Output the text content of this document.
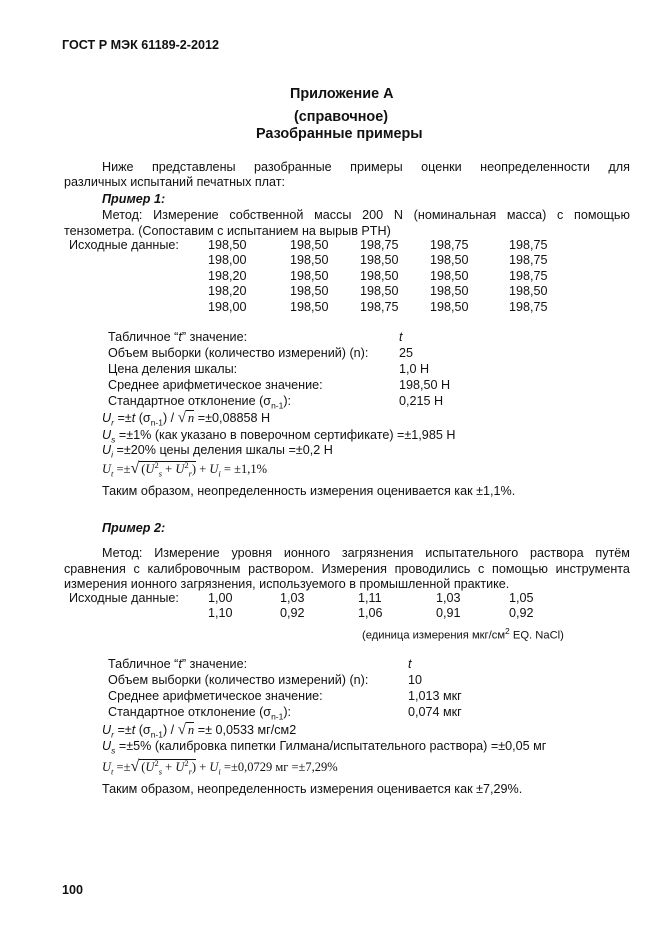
ГОСТ Р МЭК 61189-2-2012
Приложение А
(справочное)
Разобранные примеры
Ниже представлены разобранные примеры оценки неопределенности для
различных испытаний печатных плат:
Пример 1:
Метод: Измерение собственной массы 200 N (номинальная масса) с помощью
тензометра. (Сопоставим с испытанием на вырыв PTH)
Исходные данные: 198,50	198,50 198,75 198,75	198,75
198,00	198,50 198,50 198,50	198,75
198,20	198,50 198,50 198,50	198,75
198,20	198,50 198,50 198,50	198,50
198,00	198,50 198,75 198,50	198,75
Табличное “t” значение:	t
Объем выборки (количество измерений) (n): 25
Цена деления шкалы:	1,0 Н
Среднее арифметическое значение:	198,50 Н
Стандартное отклонение $(\sigma_{n-1})$:	0,215 Н
$U_r =\pm t$ $(\sigma_{n-1})$ / √ n =±0,08858 Н
$U_s =\pm 1\%$ (как указано в поверочном сертификате) =±1,985 Н
$U_i =\pm 20\%$ цены деления шкалы =±0,2 Н
$U_t$ =±√ $(U^2_s + U^2_r) + U_i = \pm 1,1\%$
Таким образом, неопределенность измерения оценивается как ±1,1%.
Пример 2:
Метод: Измерение уровня ионного загрязнения испытательного раствора путём
сравнения с калибровочным раствором. Измерения проводились с помощью инструмента
измерения ионного загрязнения, используемого в промышленной практике.
Исходные данные: 1,00	1,03	1,11	1,03	1,05
1,10	0,92	1,06	0,91	0,92
(единица измерения мкг/$см^2$ EQ. NaCl)
Табличное “t” значение:	t
Объем выборки (количество измерений) (n):	10
Среднее арифметическое значение:	1,013 мкг
Стандартное отклонение $(\sigma_{n-1})$:	0,074 мкг
$U_r =\pm t$ $(\sigma_{n-1})$ / √ n =± 0,0533 мг/см2
$U_s =\pm 5\%$ (калибровка пипетки Гилмана/испытательного раствора) =±0,05 мг
$U_t$ =±√ $(U^2_s + U^2_r) + U_i =\pm 0,0729$ мг =±7,29%
Таким образом, неопределенность измерения оценивается как ±7,29%.
100
